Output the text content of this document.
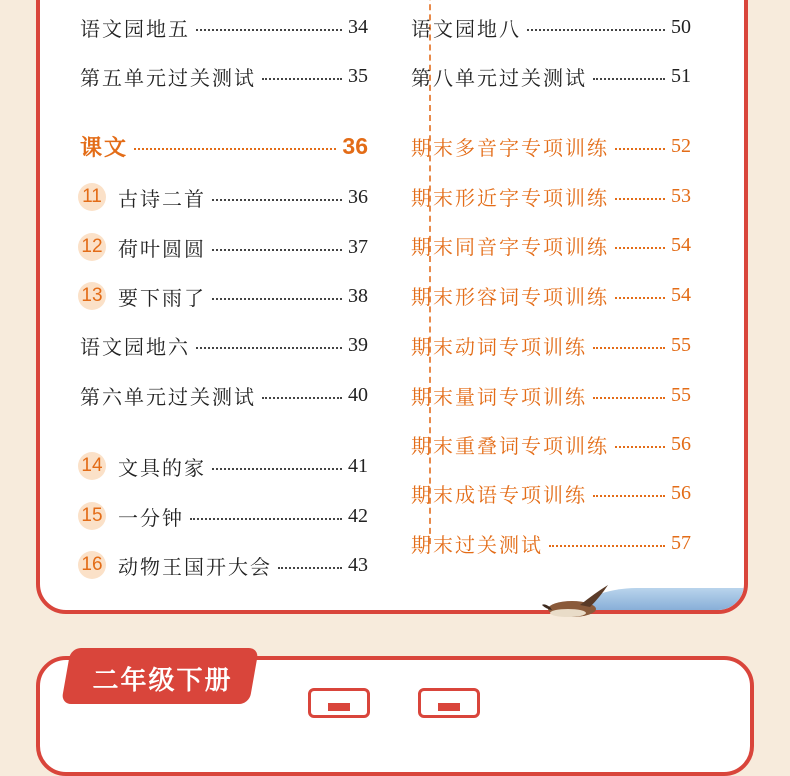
语文园地五	34
第五单元过关测试	35
课文	36
11 古诗二首	36
12 荷叶圆圆	37
13 要下雨了	38
语文园地六	39
第六单元过关测试	40
14 文具的家	41
15 一分钟	42
16 动物王国开大会	43
语文园地八	50
第八单元过关测试	51
期末多音字专项训练	52
期末形近字专项训练	53
期末同音字专项训练	54
期末形容词专项训练	54
期末动词专项训练	55
期末量词专项训练	55
期末重叠词专项训练	56
期末成语专项训练	56
期末过关测试	57
二年级下册
